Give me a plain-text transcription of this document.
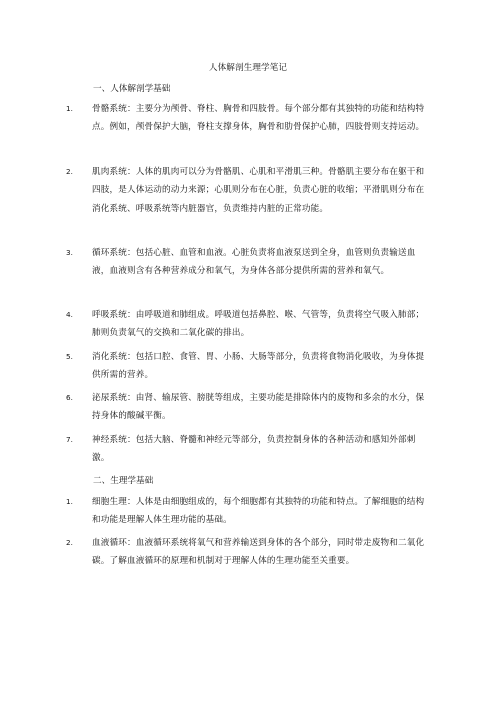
人体解剖生理学笔记
一、人体解剖学基础
1. 骨骼系统：主要分为颅骨、脊柱、胸骨和四肢骨。每个部分都有其独特的功能和结构特点。例如，颅骨保护大脑，脊柱支撑身体，胸骨和肋骨保护心肺，四肢骨则支持运动。
2. 肌肉系统：人体的肌肉可以分为骨骼肌、心肌和平滑肌三种。骨骼肌主要分布在躯干和四肢，是人体运动的动力来源；心肌则分布在心脏，负责心脏的收缩；平滑肌则分布在消化系统、呼吸系统等内脏器官，负责维持内脏的正常功能。
3. 循环系统：包括心脏、血管和血液。心脏负责将血液泵送到全身，血管则负责输送血液，血液则含有各种营养成分和氧气，为身体各部分提供所需的营养和氧气。
4. 呼吸系统：由呼吸道和肺组成。呼吸道包括鼻腔、喉、气管等，负责将空气吸入肺部；肺则负责氧气的交换和二氧化碳的排出。
5. 消化系统：包括口腔、食管、胃、小肠、大肠等部分，负责将食物消化吸收，为身体提供所需的营养。
6. 泌尿系统：由肾、输尿管、膀胱等组成，主要功能是排除体内的废物和多余的水分，保持身体的酸碱平衡。
7. 神经系统：包括大脑、脊髓和神经元等部分，负责控制身体的各种活动和感知外部刺激。
二、生理学基础
1. 细胞生理：人体是由细胞组成的，每个细胞都有其独特的功能和特点。了解细胞的结构和功能是理解人体生理功能的基础。
2. 血液循环：血液循环系统将氧气和营养输送到身体的各个部分，同时带走废物和二氧化碳。了解血液循环的原理和机制对于理解人体的生理功能至关重要。
